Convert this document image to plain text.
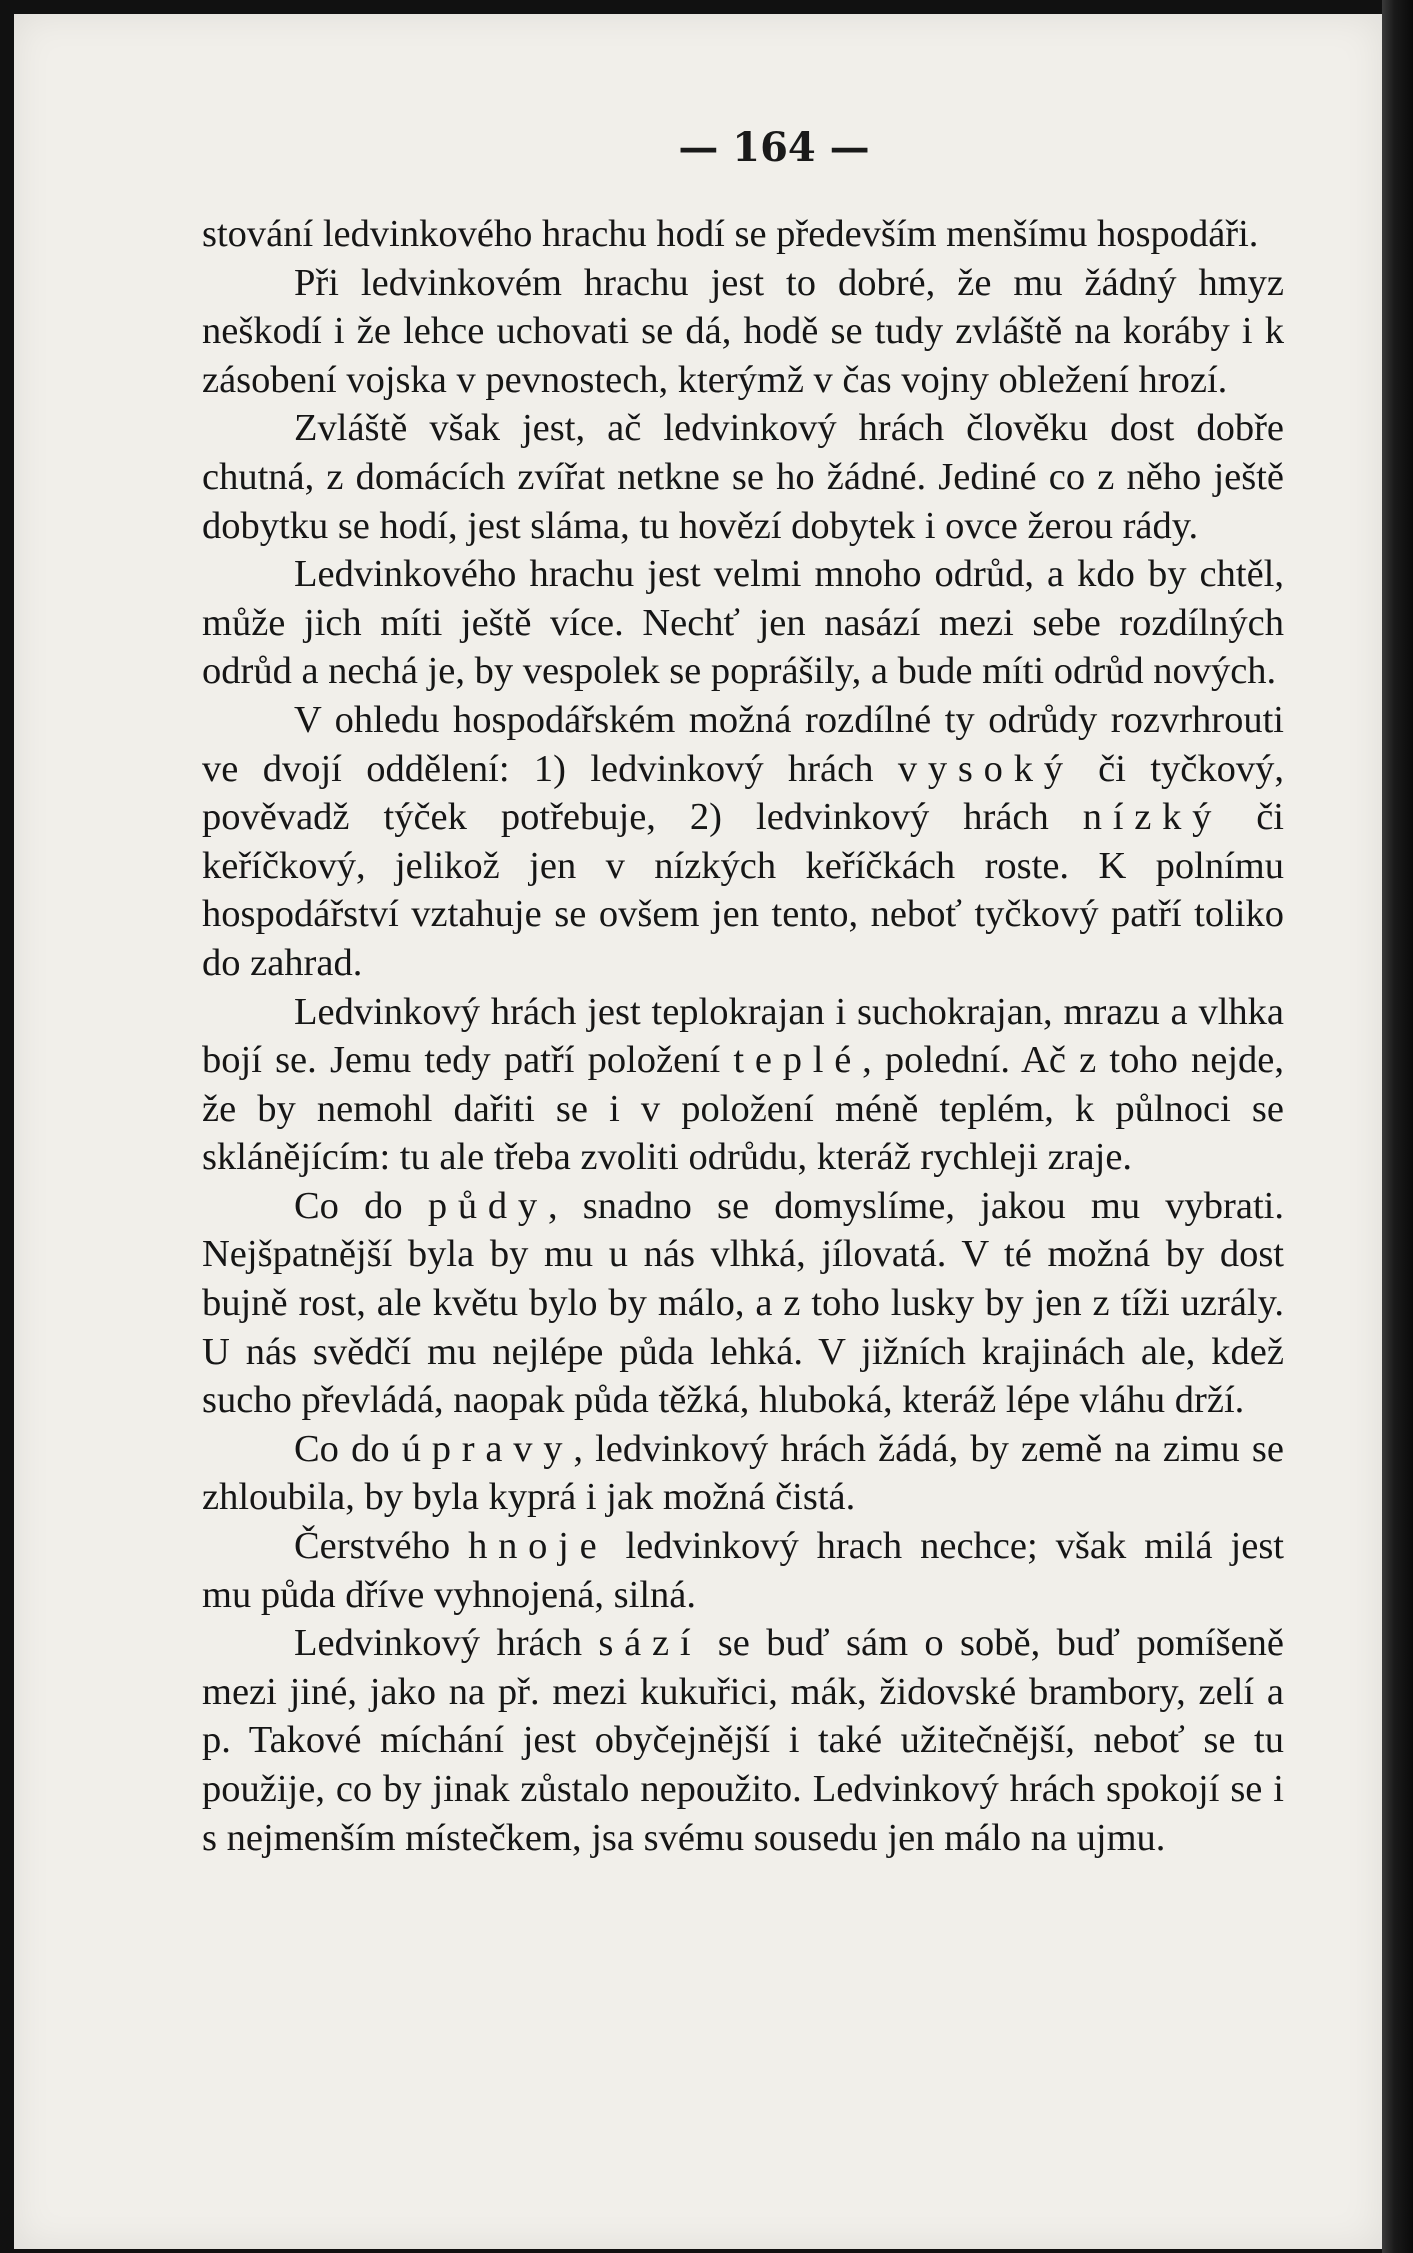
— 164 —

stování ledvinkového hrachu hodí se především menšímu hospodáři.

Při ledvinkovém hrachu jest to dobré, že mu žádný hmyz neškodí i že lehce uchovati se dá, hodě se tudy zvláště na koráby i k zásobení vojska v pevnostech, kterýmž v čas vojny obležení hrozí.

Zvláště však jest, ač ledvinkový hrách člověku dost dobře chutná, z domácích zvířat netkne se ho žádné. Jediné co z něho ještě dobytku se hodí, jest sláma, tu hovězí dobytek i ovce žerou rády.

Ledvinkového hrachu jest velmi mnoho odrůd, a kdo by chtěl, může jich míti ještě více. Nechť jen nasází mezi sebe rozdílných odrůd a nechá je, by vespolek se poprášily, a bude míti odrůd nových.

V ohledu hospodářském možná rozdílné ty odrůdy rozvrhrouti ve dvojí oddělení: 1) ledvinkový hrách vysoký či tyčkový, pověvadž týček potřebuje, 2) ledvinkový hrách nízký či keříčkový, jelikož jen v nízkých keříčkách roste. K polnímu hospodářství vztahuje se ovšem jen tento, neboť tyčkový patří toliko do zahrad.

Ledvinkový hrách jest teplokrajan i suchokrajan, mrazu a vlhka bojí se. Jemu tedy patří položení teplé, polední. Ač z toho nejde, že by nemohl dařiti se i v položení méně teplém, k půlnoci se sklánějícím: tu ale třeba zvoliti odrůdu, kteráž rychleji zraje.

Co do půdy, snadno se domyslíme, jakou mu vybrati. Nejšpatnější byla by mu u nás vlhká, jílovatá. V té možná by dost bujně rost, ale květu bylo by málo, a z toho lusky by jen z tíži uzrály. U nás svědčí mu nejlépe půda lehká. V jižních krajinách ale, kdež sucho převládá, naopak půda těžká, hluboká, kteráž lépe vláhu drží.

Co do úpravy, ledvinkový hrách žádá, by země na zimu se zhloubila, by byla kyprá i jak možná čistá.

Čerstvého hnoje ledvinkový hrach nechce; však milá jest mu půda dříve vyhnojená, silná.

Ledvinkový hrách sází se buď sám o sobě, buď pomíšeně mezi jiné, jako na př. mezi kukuřici, mák, židovské brambory, zelí a p. Takové míchání jest obyčejnější i také užitečnější, neboť se tu použije, co by jinak zůstalo nepoužito. Ledvinkový hrách spokojí se i s nejmenším místečkem, jsa svému sousedu jen málo na ujmu.
